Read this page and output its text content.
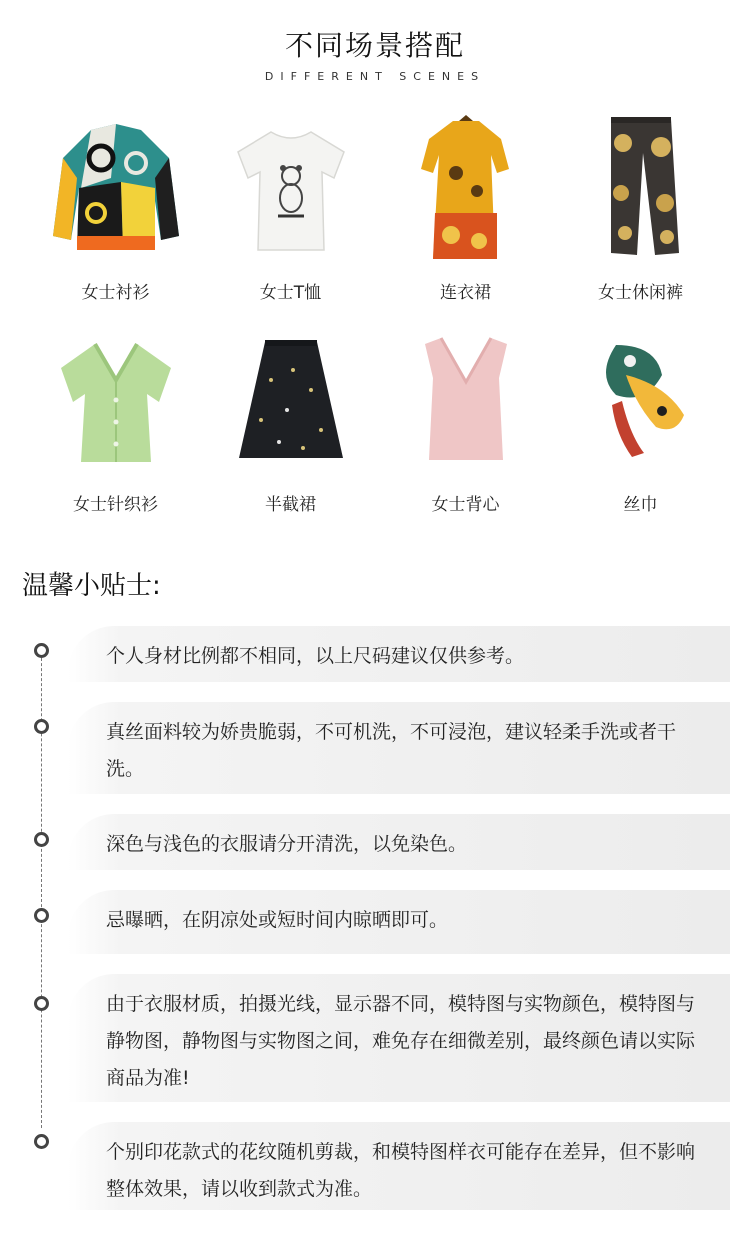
不同场景搭配
DIFFERENT SCENES
女士衬衫	女士T恤	连衣裙	女士休闲裤
女士针织衫	半截裙	女士背心	丝巾
温馨小贴士:
个人身材比例都不相同，以上尺码建议仅供参考。
真丝面料较为娇贵脆弱，不可机洗，不可浸泡，建议轻柔手洗或者干洗。
深色与浅色的衣服请分开清洗，以免染色。
忌曝晒，在阴凉处或短时间内晾晒即可。
由于衣服材质，拍摄光线，显示器不同，模特图与实物颜色，模特图与静物图，静物图与实物图之间，难免存在细微差别，最终颜色请以实际商品为准!
个别印花款式的花纹随机剪裁，和模特图样衣可能存在差异，但不影响整体效果，请以收到款式为准。
